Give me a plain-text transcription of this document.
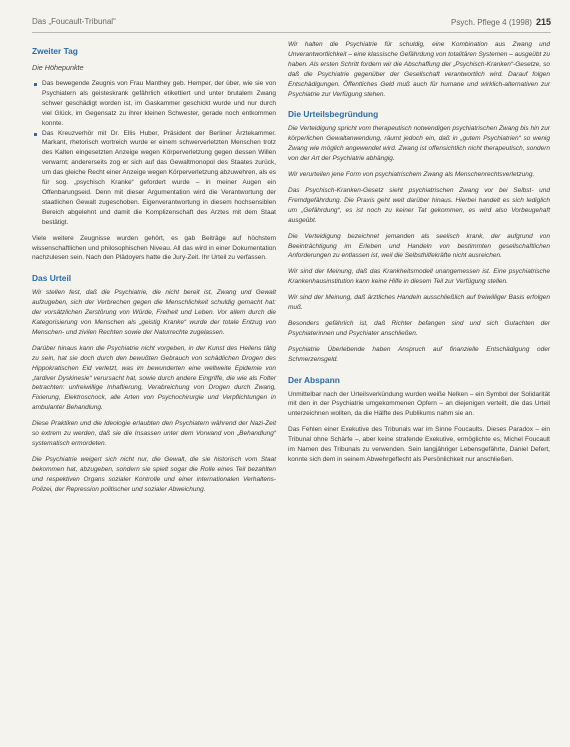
Das „Foucault-Tribunal“	Psych. Pflege 4 (1998) 215
Zweiter Tag
Die Höhepunkte
Das bewegende Zeugnis von Frau Manthey geb. Hemper, der über, wie sie von Psychiatern als geisteskrank gefährlich etikettiert und unter brutalem Zwang schwer geschädigt worden ist, im Gaskammer geschickt wurde und nur durch viel Glück, im Gegensatz zu ihrer kleinen Schwester, gerade noch entkommen konnte.
Das Kreuzverhör mit Dr. Ellis Huber, Präsident der Berliner Ärztekammer. Markant, rhetorisch wortreich wurde er einem schwerverletzten Menschen trotz des Kalten eingesetzten Anzeige wegen Körperverletzung gegen dessen Willen verwarnt; andererseits zog er sich auf das Gewaltmonopol des Staates zurück, um das gleiche Recht einer Anzeige wegen Körperverletzung abzuwehren, als es für sog. „psychisch Kranke“ gefordert wurde – in meiner Augen ein Offenbarungseid. Denn mit dieser Argumentation wird die Verantwortung der staatlichen Gewalt zugeschoben. Eigenverantwortung in diesem hochsensiblen Bereich abgelehnt und damit die Komplizenschaft des Arztes mit dem Staat bestätigt.

Viele weitere Zeugnisse wurden gehört, es gab Beiträge auf höchstem wissenschaftlichen und philosophischen Niveau. All das wird in einer Dokumentation nachzulesen sein. Nach den Plädoyers hatte die Jury-Zeit. Ihr Urteil zu verfassen.

Das Urteil

Wir stellen fest, daß die Psychiatrie, die nicht bereit ist, Zwang und Gewalt aufzugeben, sich der Verbrechen gegen die Menschlichkeit schuldig gemacht hat: der vorsätzlichen Zerstörung von Würde, Freiheit und Leben. Vor allem durch die Kategorisierung von Menschen als „geistig Kranke“ wurde der totale Entzug von Menschen- und zivilen Rechten sowie der Naturrechte zugelassen.

Darüber hinaus kann die Psychiatrie nicht vorgeben, in der Kunst des Heilens tätig zu sein, hat sie doch durch den bewußten Gebrauch von schädlichen Drogen des Hippokratischen Eid verletzt, was im bewunderten eine weltweite Epidemie von „tardiver Dyskinesie“ verursacht hat, sowie durch andere Eingriffe, die wie als Folter betrachten: unfreiwillige Inhaftierung, Verabreichung von Drogen durch Zwang, Fixierung, Elektroschock, alle Arten von Psychochirurgie und Verpflichtungen in ambulanter Behandlung.

Diese Praktiken und die Ideologie erlaubten den Psychiatern während der Nazi-Zeit so extrem zu werden, daß sie die Insassen unter dem Vorwand von „Behandlung“ systematisch ermordeten.

Die Psychiatrie weigert sich nicht nur, die Gewalt, die sie historisch vom Staat bekommen hat, abzugeben, sondern sie spielt sogar die Rolle eines Teil bezahlten und respektiven Organs sozialer Kontrolle und einer internationalen Verhaltens-Polizei, der Repression politischer und sozialer Abweichung.

Wir halten die Psychiatrie für schuldig, eine Kombination aus Zwang und Unverantwortlichkeit – eine klassische Gefährdung von totalitären Systemen – ausgeübt zu haben. Als ersten Schritt fordern wir die Abschaffung der „Psychisch-Kranken“-Gesetze, so daß die Psychiatrie gegenüber der Gesellschaft verantwortlich wird. Darauf folgen Entschädigungen. Öffentliches Geld muß auch für humane und wirklich-alternativen zur Psychiatrie zur Verfügung stehen.

Die Urteilsbegründung

Die Verteidigung spricht vom therapeutisch notwendigen psychiatrischen Zwang bis hin zur körperlichen Gewaltanwendung, räumt jedoch ein, daß in „gutem Psychiatrien“ so wenig Zwang wie möglich angewendet wird. Zwang ist offensichtlich nicht therapeutisch, sondern von der Art der Psychiatrie abhängig.

Wir verurteilen jene Form von psychiatrischem Zwang als Menschenrechtsverletzung.

Das Psychisch-Kranken-Gesetz sieht psychiatrischen Zwang vor bei Selbst- und Fremdgefährdung. Die Praxis geht weit darüber hinaus. Hierbei handelt es sich lediglich um „Gefährdung“, es ist noch zu keiner Tat gekommen, es wird also Vorbeugehaft ausgeübt.

Die Verteidigung bezeichnet jemanden als seelisch krank, der aufgrund von Beeinträchtigung im Erleben und Handeln von bestimmten gesellschaftlichen Anforderungen zu entlassen ist, weil die Selbsthilfekräfte nicht ausreichen.

Wir sind der Meinung, daß das Krankheitsmodell unangemessen ist. Eine psychiatrische Krankenhausinstitution kann keine Hilfe in diesem Teil zur Verfügung stellen.

Wir sind der Meinung, daß ärztliches Handeln ausschließlich auf freiwilliger Basis erfolgen muß.

Besonders gefährlich ist, daß Richter befangen sind und sich Gutachten der Psychiaterinnen und Psychiater anschließen.

Psychiatrie Überlebende haben Anspruch auf finanzielle Entschädigung oder Schmerzensgeld.

Der Abspann

Unmittelbar nach der Urteilsverkündung wurden weiße Nelken – ein Symbol der Solidarität mit den in der Psychiatrie umgekommenen Opfern – an diejenigen verteilt, die das Urteil unterzeichnen wollten, da die Hälfte des Publikums nahm sie an.

Das Fehlen einer Exekutive des Tribunals war im Sinne Foucaults. Dieses Paradox – ein Tribunal ohne Schärfe –, aber keine strafende Exekutive, ermöglichte es, Michel Foucault im Namen des Tribunals zu verwenden. Sein langjähriger Lebensgefährte, Daniel Defert, konnte sich dem in seinem Abwehrgeflecht als Persönlichkeit nur anschließen.
